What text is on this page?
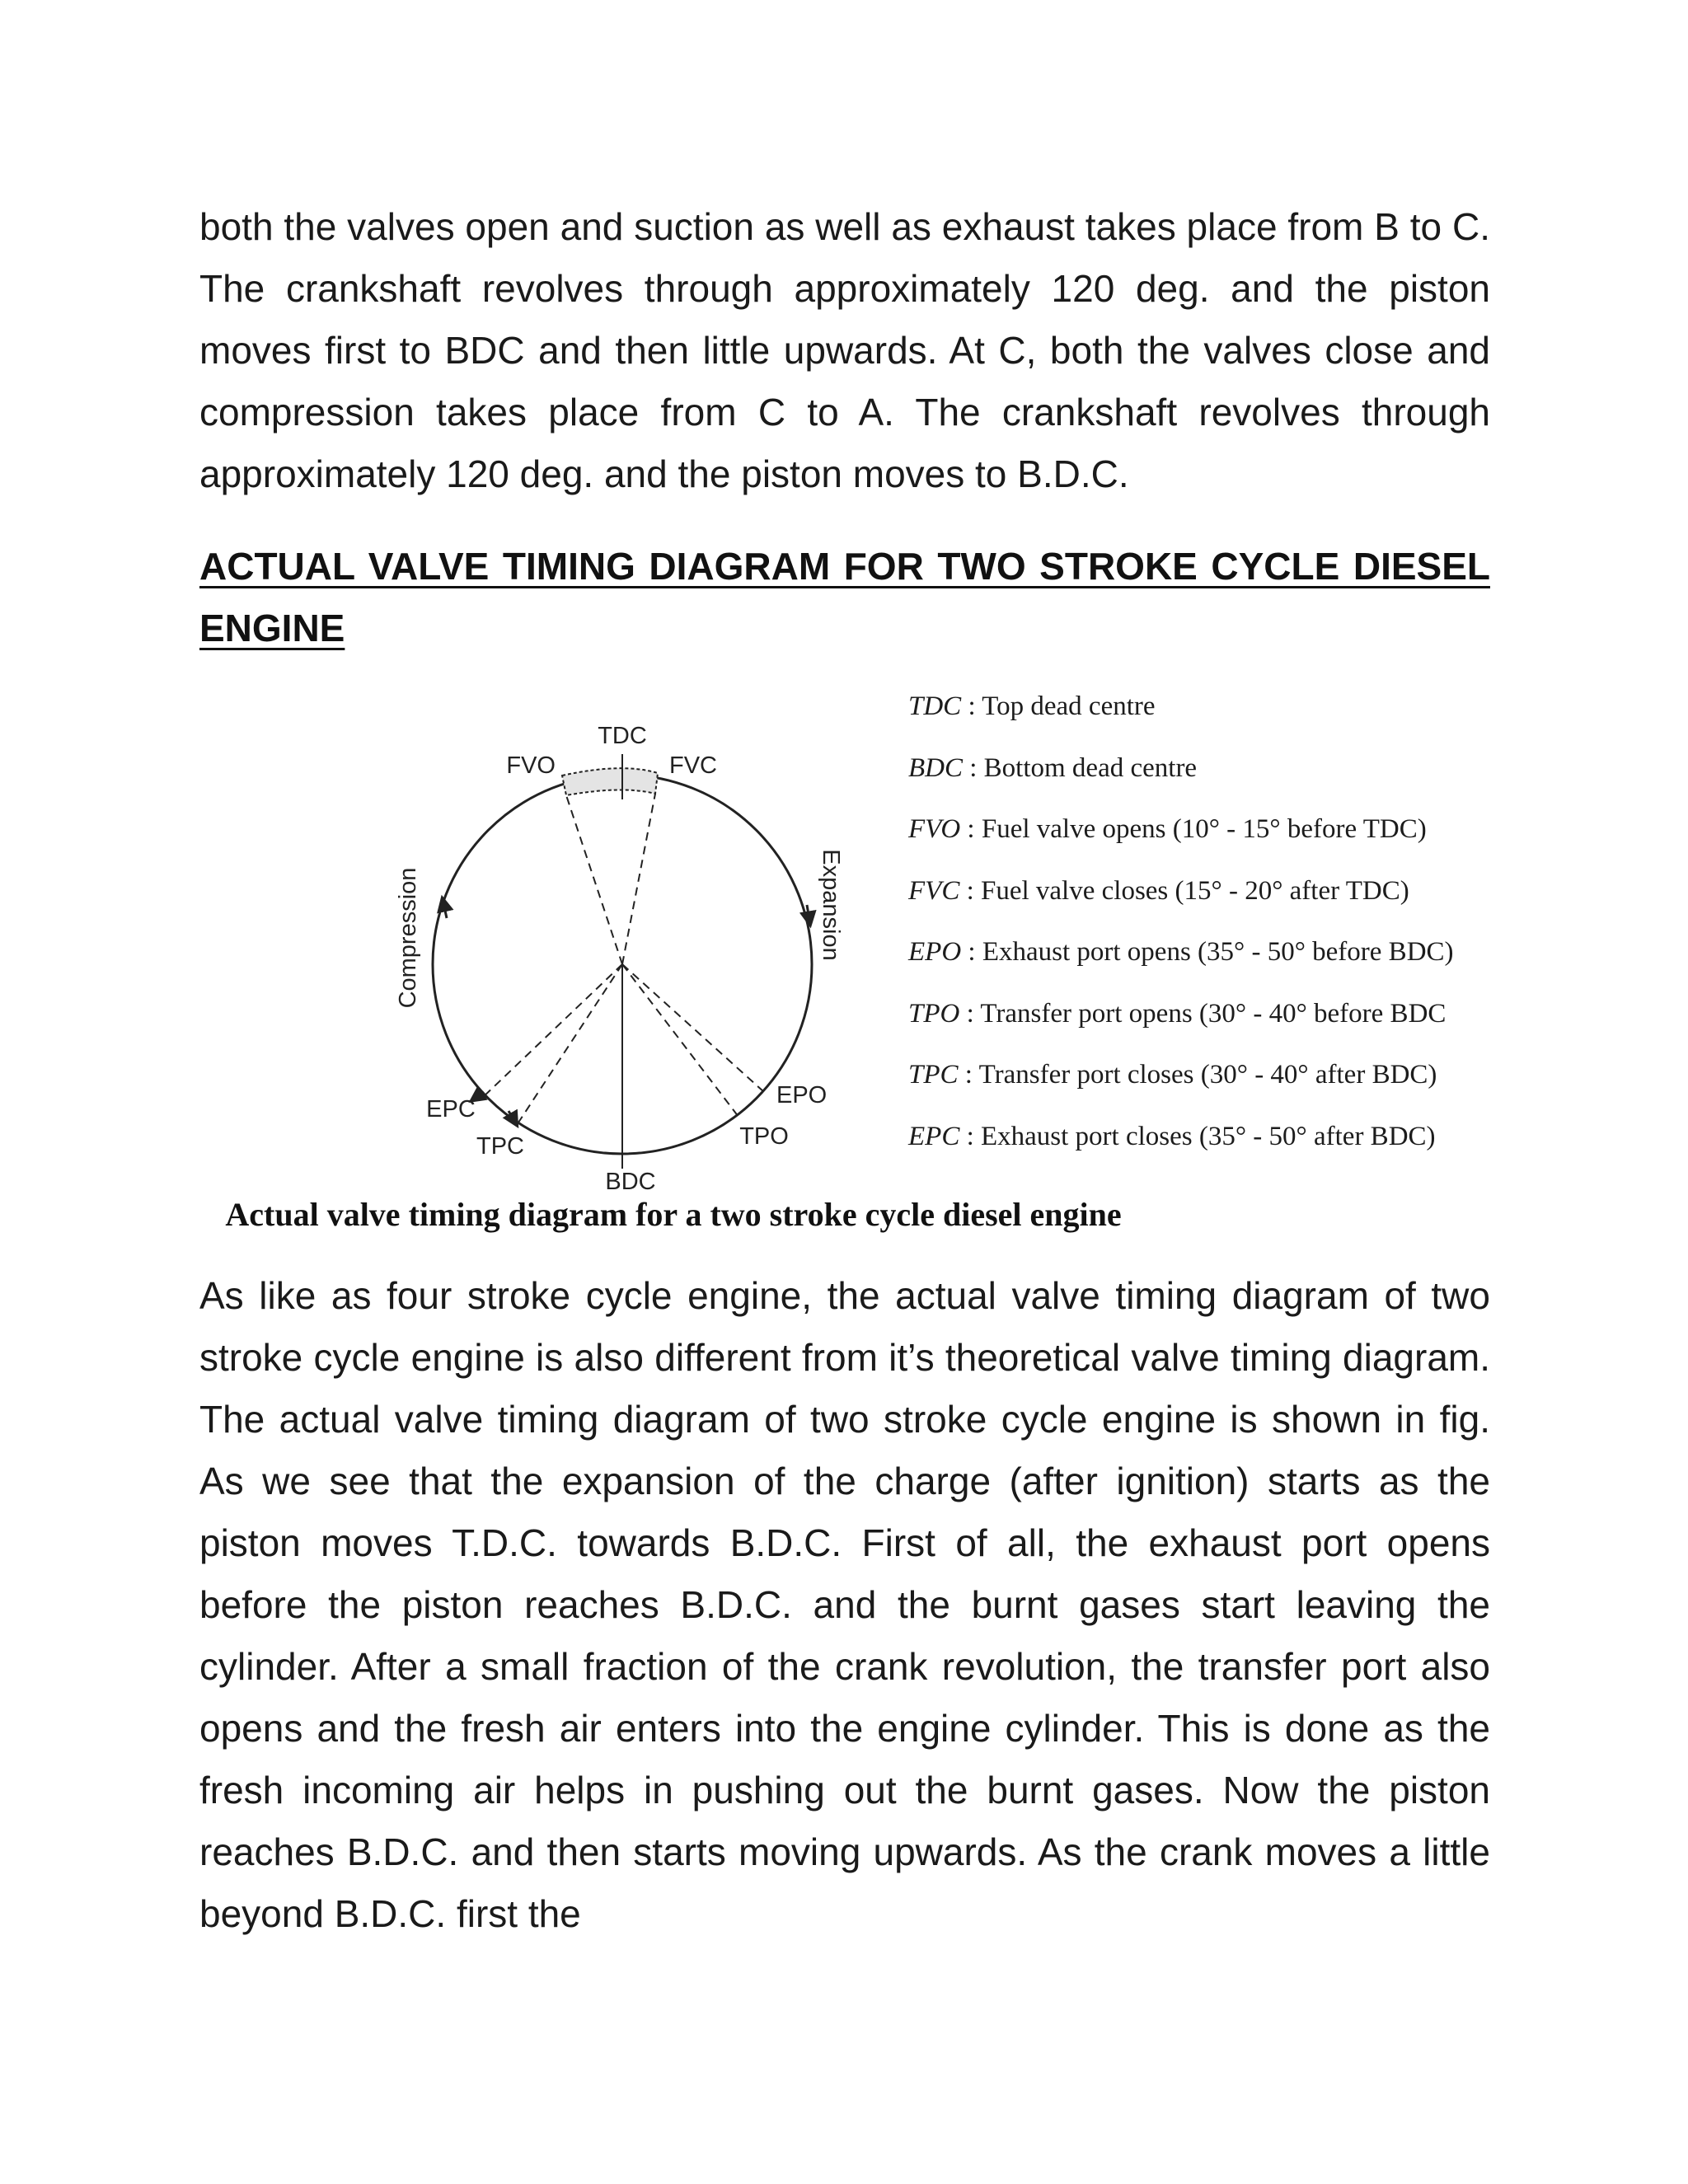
both the valves open and suction as well as exhaust takes place from B to C. The crankshaft revolves through approximately 120 deg. and the piston moves first to BDC and then little upwards. At C, both the valves close and compression takes place from C to A. The crankshaft revolves through approximately 120 deg. and the piston moves to B.D.C.

ACTUAL VALVE TIMING DIAGRAM FOR TWO STROKE CYCLE DIESEL ENGINE
TDC
FVO	FVC
EPO
TPO
EPC
TPC
BDC
Compression	Expansion
TDC : Top dead centre
BDC : Bottom dead centre
FVO : Fuel valve opens (10° - 15° before TDC)
FVC : Fuel valve closes (15° - 20° after TDC)
EPO : Exhaust port opens (35° - 50° before BDC)
TPO : Transfer port opens (30° - 40° before BDC
TPC : Transfer port closes (30° - 40° after BDC)
EPC : Exhaust port closes (35° - 50° after BDC)

Actual valve timing diagram for a two stroke cycle diesel engine

As like as four stroke cycle engine, the actual valve timing diagram of two stroke cycle engine is also different from it’s theoretical valve timing diagram. The actual valve timing diagram of two stroke cycle engine is shown in fig. As we see that the expansion of the charge (after ignition) starts as the piston moves T.D.C. towards B.D.C. First of all, the exhaust port opens before the piston reaches B.D.C. and the burnt gases start leaving the cylinder. After a small fraction of the crank revolution, the transfer port also opens and the fresh air enters into the engine cylinder. This is done as the fresh incoming air helps in pushing out the burnt gases. Now the piston reaches B.D.C. and then starts moving upwards. As the crank moves a little beyond B.D.C. first the
